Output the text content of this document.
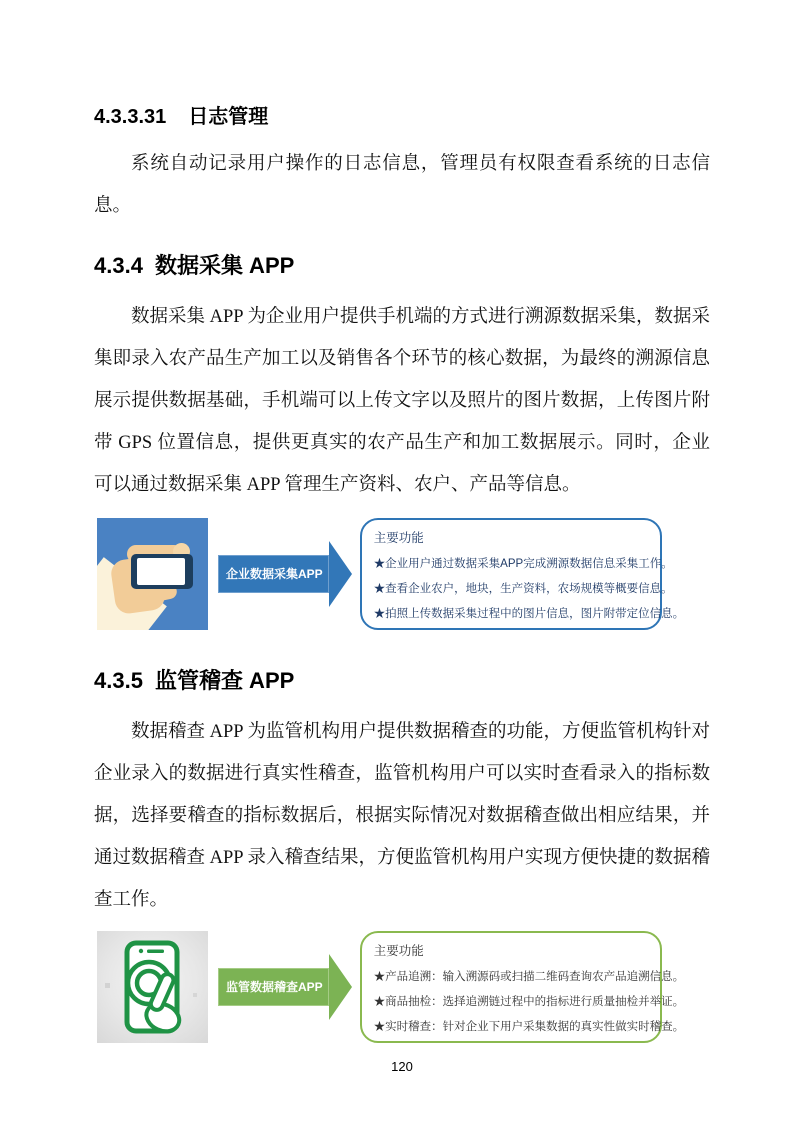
4.3.3.31 日志管理

系统自动记录用户操作的日志信息，管理员有权限查看系统的日志信息。

4.3.4 数据采集 APP

数据采集 APP 为企业用户提供手机端的方式进行溯源数据采集，数据采集即录入农产品生产加工以及销售各个环节的核心数据，为最终的溯源信息展示提供数据基础，手机端可以上传文字以及照片的图片数据，上传图片附带 GPS 位置信息，提供更真实的农产品生产和加工数据展示。同时，企业可以通过数据采集 APP 管理生产资料、农户、产品等信息。

企业数据采集APP
主要功能
★企业用户通过数据采集APP完成溯源数据信息采集工作。
★查看企业农户，地块，生产资料，农场规模等概要信息。
★拍照上传数据采集过程中的图片信息，图片附带定位信息。
4.3.5 监管稽查 APP

数据稽查 APP 为监管机构用户提供数据稽查的功能，方便监管机构针对企业录入的数据进行真实性稽查，监管机构用户可以实时查看录入的指标数据，选择要稽查的指标数据后，根据实际情况对数据稽查做出相应结果，并通过数据稽查 APP 录入稽查结果，方便监管机构用户实现方便快捷的数据稽查工作。

监管数据稽查APP
主要功能
★产品追溯：输入溯源码或扫描二维码查询农产品追溯信息。
★商品抽检：选择追溯链过程中的指标进行质量抽检并举证。
★实时稽查：针对企业下用户采集数据的真实性做实时稽查。
120
